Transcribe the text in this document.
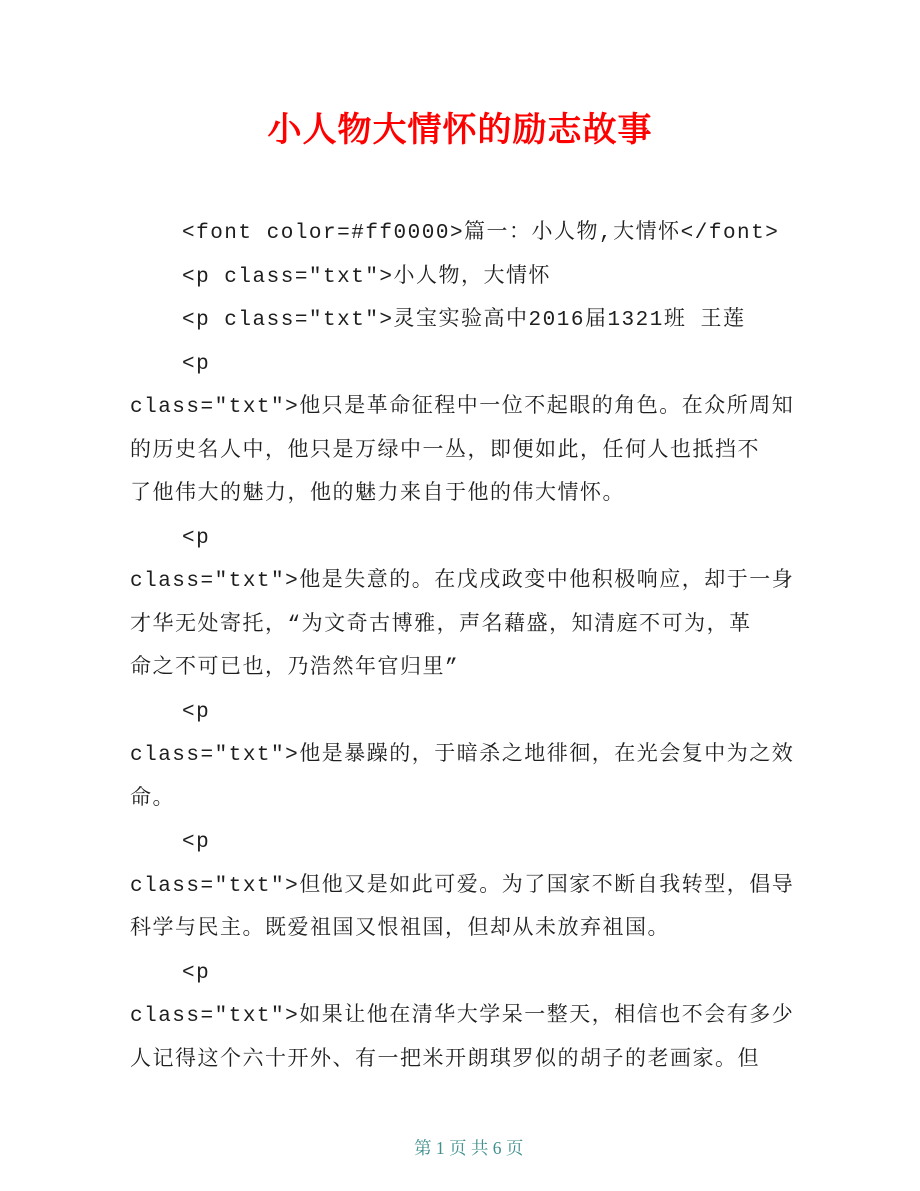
小人物大情怀的励志故事
<font color=#ff0000>篇一：小人物,大情怀</font>
<p class="txt">小人物，大情怀
<p class="txt">灵宝实验高中2016届1321班 王莲
<p
class="txt">他只是革命征程中一位不起眼的角色。在众所周知
的历史名人中，他只是万绿中一丛，即便如此，任何人也抵挡不
了他伟大的魅力，他的魅力来自于他的伟大情怀。
<p
class="txt">他是失意的。在戊戌政变中他积极响应，却于一身
才华无处寄托，“为文奇古博雅，声名藉盛，知清庭不可为，革
命之不可已也，乃浩然年官归里”
<p
class="txt">他是暴躁的，于暗杀之地徘徊，在光会复中为之效
命。
<p
class="txt">但他又是如此可爱。为了国家不断自我转型，倡导
科学与民主。既爱祖国又恨祖国，但却从未放弃祖国。
<p
class="txt">如果让他在清华大学呆一整天，相信也不会有多少
人记得这个六十开外、有一把米开朗琪罗似的胡子的老画家。但

第 1 页 共 6 页
